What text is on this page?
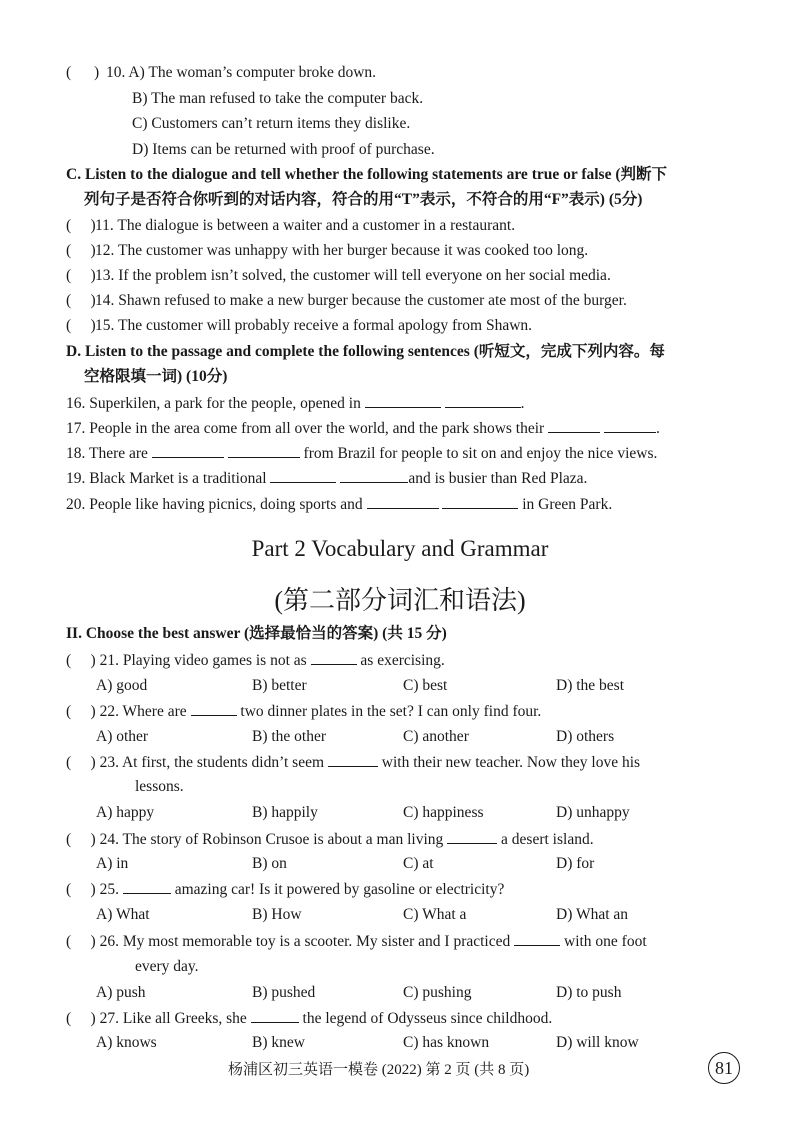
( ) 10. A) The woman’s computer broke down.
B) The man refused to take the computer back.
C) Customers can’t return items they dislike.
D) Items can be returned with proof of purchase.
C. Listen to the dialogue and tell whether the following statements are true or false (判断下
列句子是否符合你听到的对话内容，符合的用“T”表示，不符合的用“F”表示) (5分)
(     ) 11. The dialogue is between a waiter and a customer in a restaurant.
(     ) 12. The customer was unhappy with her burger because it was cooked too long.
(     ) 13. If the problem isn’t solved, the customer will tell everyone on her social media.
(     ) 14. Shawn refused to make a new burger because the customer ate most of the burger.
(     ) 15. The customer will probably receive a formal apology from Shawn.
D. Listen to the passage and complete the following sentences (听短文，完成下列内容。每
空格限填一词) (10分)
16. Superkilen, a park for the people, opened in	.
17. People in the area come from all over the world, and the park shows their	.
18. There are	from Brazil for people to sit on and enjoy the nice views.
19. Black Market is a traditional	and is busier than Red Plaza.
20. People like having picnics, doing sports and	in Green Park.
Part 2 Vocabulary and Grammar
(第二部分词汇和语法)
II. Choose the best answer (选择最恰当的答案) (共 15 分)
(     ) 21. Playing video games is not as	as exercising.
A) good	B) better	C) best	D) the best
(     ) 22. Where are	two dinner plates in the set? I can only find four.
A) other	B) the other	C) another	D) others
(     ) 23. At first, the students didn’t seem	with their new teacher. Now they love his
lessons.
A) happy	B) happily	C) happiness	D) unhappy
(     ) 24. The story of Robinson Crusoe is about a man living	a desert island.
A) in	B) on	C) at	D) for
(     ) 25.	amazing car! Is it powered by gasoline or electricity?
A) What	B) How	C) What a	D) What an
(     ) 26. My most memorable toy is a scooter. My sister and I practiced	with one foot
every day.
A) push	B) pushed	C) pushing	D) to push
(     ) 27. Like all Greeks, she	the legend of Odysseus since childhood.
A) knows	B) knew	C) has known	D) will know
杨浦区初三英语一模卷 (2022) 第 2 页 (共 8 页)	81
